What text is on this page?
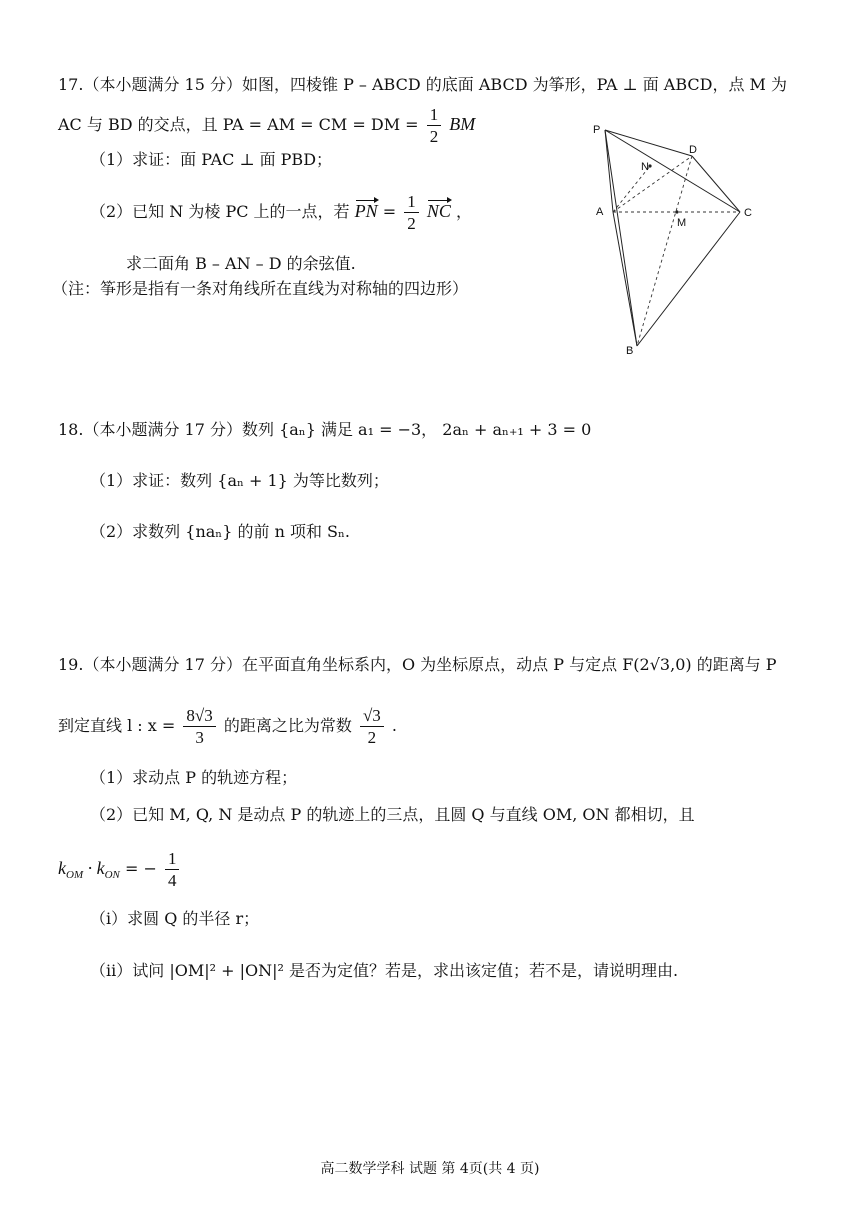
17.（本小题满分 15 分）如图，四棱锥 P – ABCD 的底面 ABCD 为筝形，PA ⊥ 面 ABCD，点 M 为
AC 与 BD 的交点，且 PA = AM = CM = DM = $\frac{1}{2}$ BM
（1）求证：面 PAC ⊥ 面 PBD；
（2）已知 N 为棱 PC 上的一点，若 PN = $\frac{1}{2}$ NC ，
求二面角 B – AN – D 的余弦值.
（注：筝形是指有一条对角线所在直线为对称轴的四边形）
P
D
N
A
M
C
B
18.（本小题满分 17 分）数列 {aₙ} 满足 a₁ = −3， 2aₙ + aₙ₊₁ + 3 = 0
（1）求证：数列 {aₙ + 1} 为等比数列；
（2）求数列 {naₙ} 的前 n 项和 Sₙ.
19.（本小题满分 17 分）在平面直角坐标系内，O 为坐标原点，动点 P 与定点 F(2√3,0) 的距离与 P
到定直线 l : $x = \frac{8√3}{3}$ 的距离之比为常数 $\frac{√3}{2}$ .
（1）求动点 P 的轨迹方程；
（2）已知 M, Q, N 是动点 P 的轨迹上的三点，且圆 Q 与直线 OM, ON 都相切，且
$k_{OM} \cdot k_{ON}$ = − $\frac{1}{4}$
（i）求圆 Q 的半径 r；
（ii）试问 |OM|² + |ON|² 是否为定值？若是，求出该定值；若不是，请说明理由.
高二数学学科 试题 第 4页(共 4 页)
